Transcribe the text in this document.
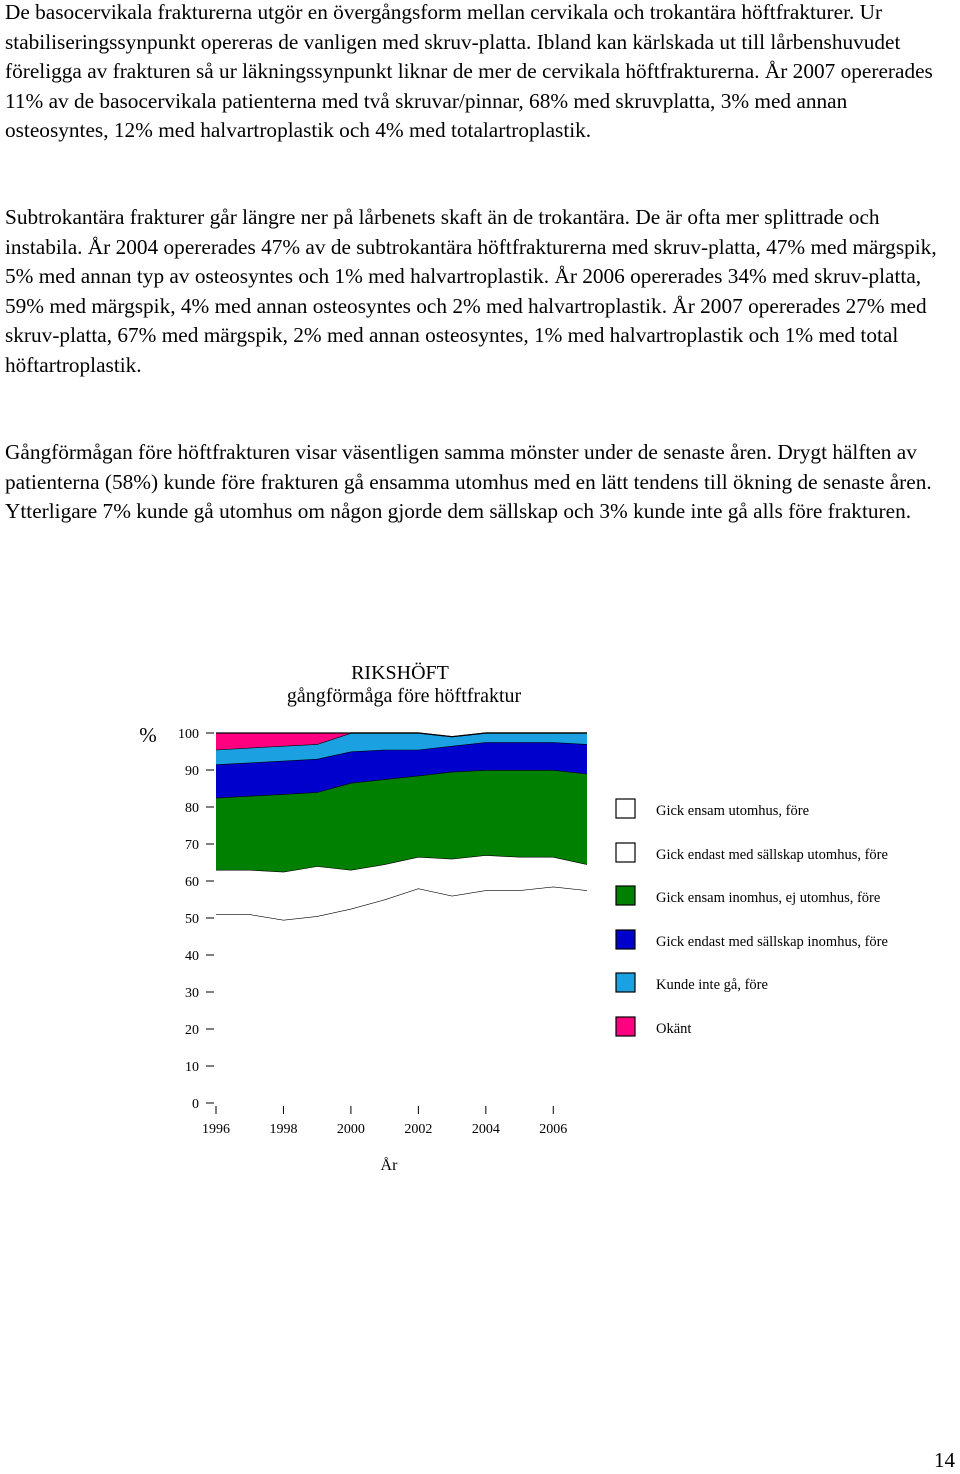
De basocervikala frakturerna utgör en övergångsform mellan cervikala och trokantära höftfrakturer. Ur stabiliseringssynpunkt opereras de vanligen med skruv-platta. Ibland kan kärlskada ut till lårbenshuvudet föreligga av frakturen så ur läkningssynpunkt liknar de mer de cervikala höftfrakturerna. År 2007 opererades 11% av de basocervikala patienterna med två skruvar/pinnar, 68% med skruvplatta, 3% med annan osteosyntes, 12% med halvartroplastik och 4% med totalartroplastik.

Subtrokantära frakturer går längre ner på lårbenets skaft än de trokantära. De är ofta mer splittrade och instabila. År 2004 opererades 47% av de subtrokantära höftfrakturerna med skruv-platta, 47% med märgspik, 5% med annan typ av osteosyntes och 1% med halvartroplastik. År 2006 opererades 34% med skruv-platta, 59% med märgspik, 4% med annan osteosyntes och 2% med halvartroplastik. År 2007 opererades 27% med skruv-platta, 67% med märgspik, 2% med annan osteosyntes, 1% med halvartroplastik och 1% med total höftartroplastik.

Gångförmågan före höftfrakturen visar väsentligen samma mönster under de senaste åren. Drygt hälften av patienterna (58%) kunde före frakturen gå ensamma utomhus med en lätt tendens till ökning de senaste åren. Ytterligare 7% kunde gå utomhus om någon gjorde dem sällskap och 3% kunde inte gå alls före frakturen.

0
10
20
30
40
50
60
70
80
90
100
1996	1998	2000	2002	2004	2006
Gick ensam utomhus, före
Gick endast med sällskap utomhus, före
Gick ensam inomhus, ej utomhus, före
Gick endast med sällskap inomhus, före
Kunde inte gå, före
Okänt
RIKSHÖFT
gångförmåga före höftfraktur
%
År
14
